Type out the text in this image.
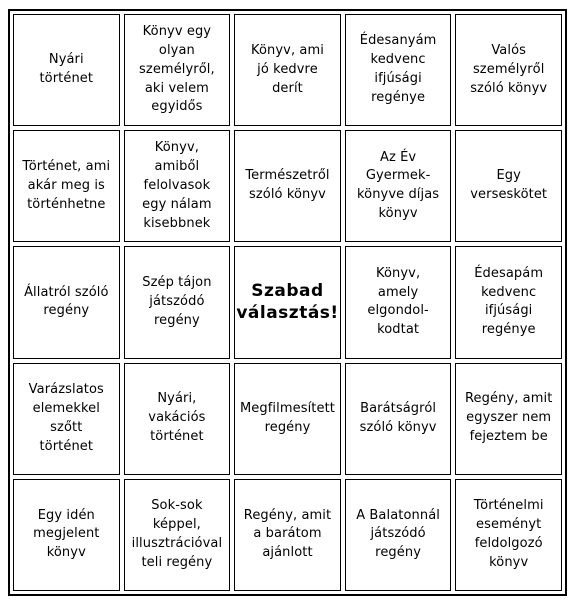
Nyári történet
Könyv egy olyan személyről, aki velem egyidős
Könyv, ami jó kedvre derít
Édesanyám kedvenc ifjúsági regénye
Valós személyről szóló könyv
Történet, ami akár meg is történhetne
Könyv, amiből felolvasok egy nálam kisebbnek
Természetről szóló könyv
Az Év Gyermek-könyve díjas könyv
Egy verseskötet
Állatról szóló regény
Szép tájon játszódó regény
Szabad választás!
Könyv, amely elgondol-kodtat
Édesapám kedvenc ifjúsági regénye
Varázslatos elemekkel szőtt történet
Nyári, vakációs történet
Megfilmesített regény
Barátságról szóló könyv
Regény, amit egyszer nem fejeztem be
Egy idén megjelent könyv
Sok-sok képpel, illusztrációval teli regény
Regény, amit a barátom ajánlott
A Balatonnál játszódó regény
Történelmi eseményt feldolgozó könyv
